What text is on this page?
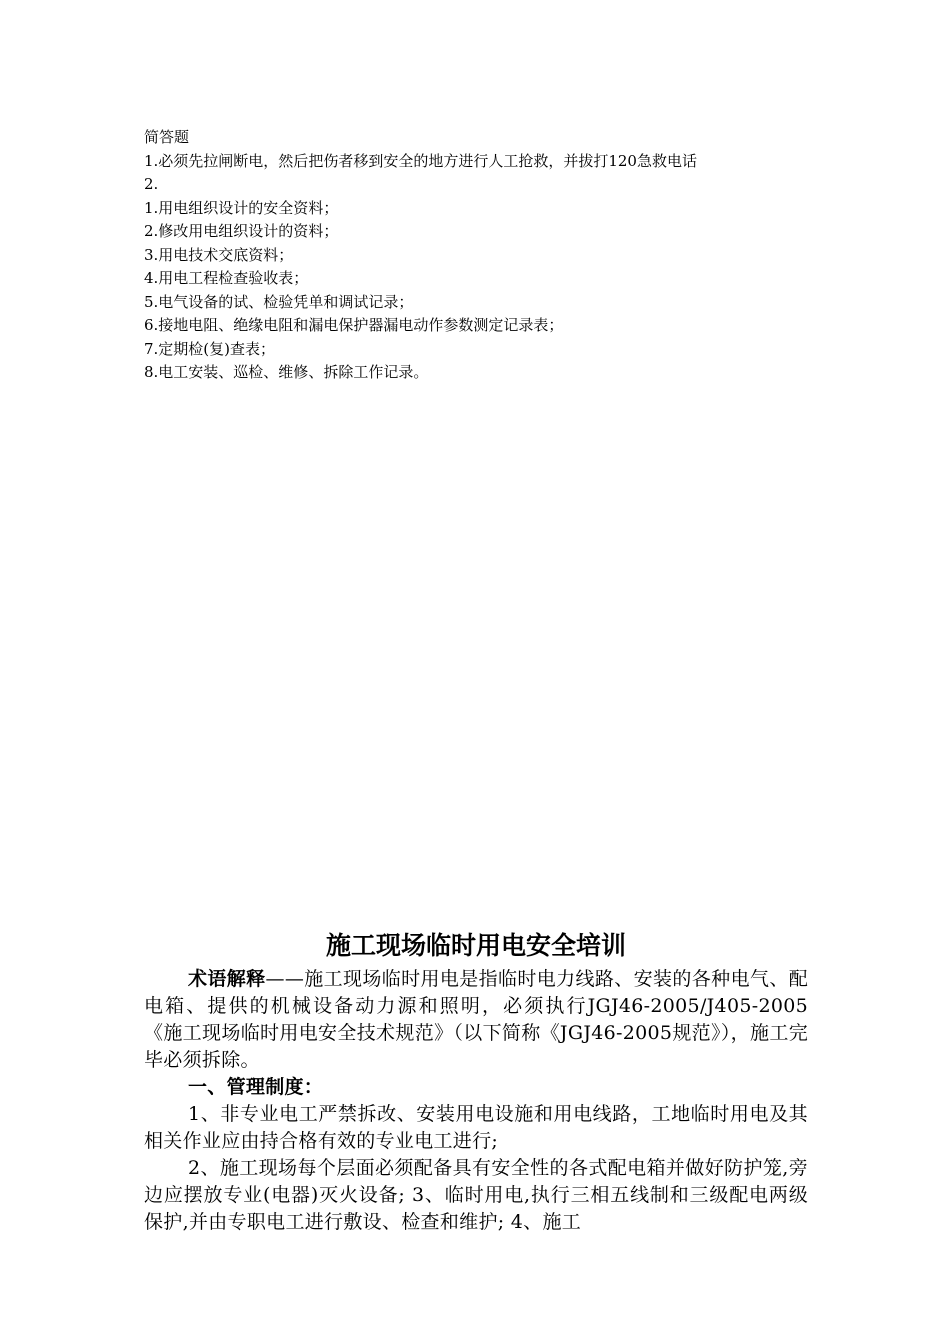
简答题

1.必须先拉闸断电，然后把伤者移到安全的地方进行人工抢救，并拔打120急救电话

2.

1.用电组织设计的安全资料；

2.修改用电组织设计的资料；

3.用电技术交底资料；

4.用电工程检查验收表；

5.电气设备的试、检验凭单和调试记录；

6.接地电阻、绝缘电阻和漏电保护器漏电动作参数测定记录表；

7.定期检(复)查表；

8.电工安装、巡检、维修、拆除工作记录。

施工现场临时用电安全培训

术语解释——施工现场临时用电是指临时电力线路、安装的各种电气、配电箱、提供的机械设备动力源和照明，必须执行JGJ46-2005/J405-2005《施工现场临时用电安全技术规范》（以下简称《JGJ46-2005规范》），施工完毕必须拆除。

一、管理制度：

1、非专业电工严禁拆改、安装用电设施和用电线路，工地临时用电及其相关作业应由持合格有效的专业电工进行;

2、施工现场每个层面必须配备具有安全性的各式配电箱并做好防护笼,旁边应摆放专业(电器)灭火设备; 3、临时用电,执行三相五线制和三级配电两级保护,并由专职电工进行敷设、检查和维护; 4、施工
